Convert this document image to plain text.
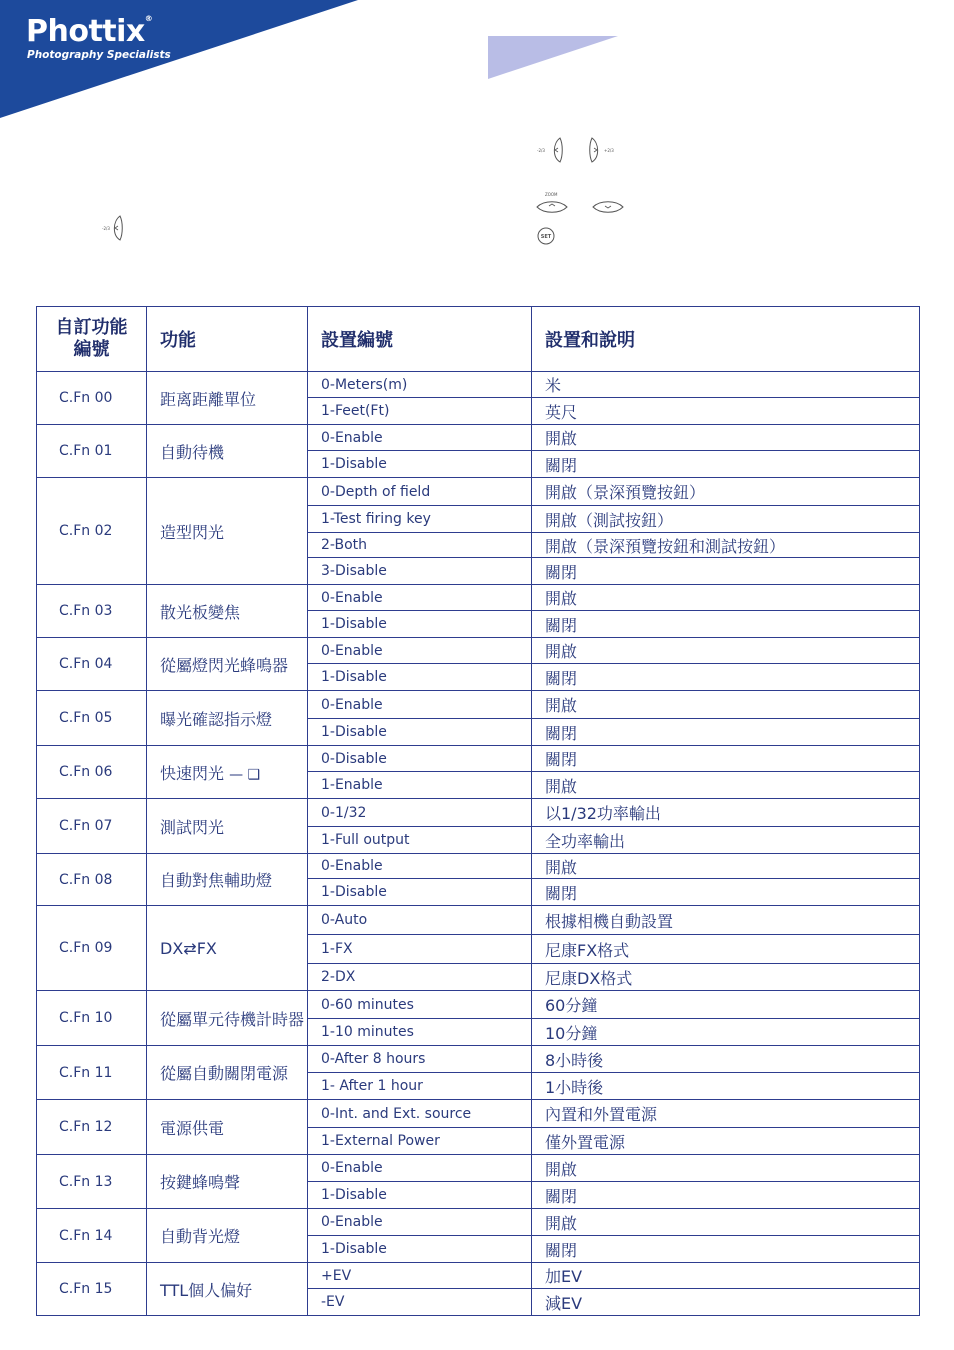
Phottix®
Photography Specialists
-2/3
-2/3	+2/3
ZOOM
SET
自訂功能
編號	功能	設置編號	設置和說明
C.Fn 00	距离距離單位	0-Meters(m)	米
		1-Feet(Ft)	英尺
C.Fn 01	自動待機	0-Enable	開啟
		1-Disable	關閉
C.Fn 02	造型閃光	0-Depth of field	開啟（景深預覽按鈕）
		1-Test firing key	開啟（測試按鈕）
		2-Both	開啟（景深預覽按鈕和測試按鈕）
		3-Disable	關閉
C.Fn 03	散光板變焦	0-Enable	開啟
		1-Disable	關閉
C.Fn 04	從屬燈閃光蜂鳴器	0-Enable	開啟
		1-Disable	關閉
C.Fn 05	曝光確認指示燈	0-Enable	開啟
		1-Disable	關閉
C.Fn 06	快速閃光 — ❑	0-Disable	關閉
		1-Enable	開啟
C.Fn 07	測試閃光	0-1/32	以1/32功率輸出
		1-Full output	全功率輸出
C.Fn 08	自動對焦輔助燈	0-Enable	開啟
		1-Disable	關閉
C.Fn 09	DX⇄FX	0-Auto	根據相機自動設置
		1-FX	尼康FX格式
		2-DX	尼康DX格式
C.Fn 10	從屬單元待機計時器	0-60 minutes	60分鐘
		1-10 minutes	10分鐘
C.Fn 11	從屬自動關閉電源	0-After 8 hours	8小時後
		1- After 1 hour	1小時後
C.Fn 12	電源供電	0-Int. and Ext. source	內置和外置電源
		1-External Power	僅外置電源
C.Fn 13	按鍵蜂鳴聲	0-Enable	開啟
		1-Disable	關閉
C.Fn 14	自動背光燈	0-Enable	開啟
		1-Disable	關閉
C.Fn 15	TTL個人偏好	+EV	加EV
		-EV	減EV
